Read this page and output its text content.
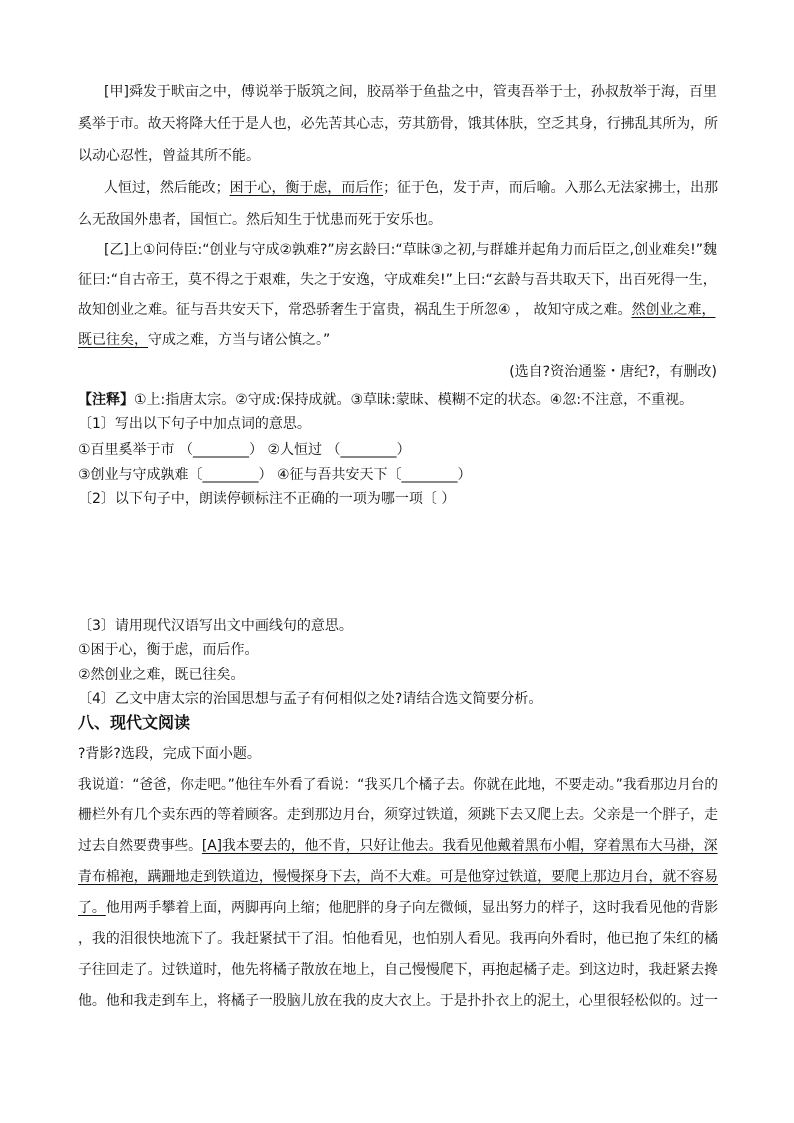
[甲]舜发于畎亩之中，傅说举于版筑之间，胶鬲举于鱼盐之中，管夷吾举于士，孙叔敖举于海，百里
奚举于市。故天将降大任于是人也，必先苦其心志，劳其筋骨，饿其体肤，空乏其身，行拂乱其所为，所
以动心忍性，曾益其所不能。
人恒过，然后能改；困于心，衡于虑，而后作；征于色，发于声，而后喻。入那么无法家拂士，出那
么无敌国外患者，国恒亡。然后知生于忧患而死于安乐也。
[乙]上①问侍臣:“创业与守成②孰难?”房玄龄曰:“草昧③之初,与群雄并起角力而后臣之,创业难矣!”魏
征曰:“自古帝王，莫不得之于艰难，失之于安逸，守成难矣!”上曰:“玄龄与吾共取天下，出百死得一生，
故知创业之难。征与吾共安天下，常恐骄奢生于富贵，祸乱生于所忽④ ， 故知守成之难。然创业之难，
既已往矣，守成之难，方当与诸公慎之。”
(选自?资治通鉴・唐纪?，有删改)
【注释】①上:指唐太宗。②守成:保持成就。③草昧:蒙昧、模糊不定的状态。④忽:不注意，不重视。
〔1〕写出以下句子中加点词的意思。
①百里奚举于市 （________） ②人恒过 （________）
③创业与守成孰难〔________） ④征与吾共安天下〔________）
〔2〕以下句子中，朗读停顿标注不正确的一项为哪一项〔 ）
〔3〕请用现代汉语写出文中画线句的意思。
①困于心，衡于虑，而后作。
②然创业之难，既已往矣。
〔4〕乙文中唐太宗的治国思想与孟子有何相似之处?请结合选文简要分析。
八、现代文阅读
?背影?选段，完成下面小题。
我说道：“爸爸，你走吧。”他往车外看了看说：“我买几个橘子去。你就在此地，不要走动。”我看那边月台的
栅栏外有几个卖东西的等着顾客。走到那边月台，须穿过铁道，须跳下去又爬上去。父亲是一个胖子，走
过去自然要费事些。[A]我本要去的，他不肯，只好让他去。我看见他戴着黑布小帽，穿着黑布大马褂，深
青布棉袍，蹒跚地走到铁道边，慢慢探身下去，尚不大难。可是他穿过铁道，要爬上那边月台，就不容易
了。他用两手攀着上面，两脚再向上缩；他肥胖的身子向左微倾，显出努力的样子，这时我看见他的背影
，我的泪很快地流下了。我赶紧拭干了泪。怕他看见，也怕别人看见。我再向外看时，他已抱了朱红的橘
子往回走了。过铁道时，他先将橘子散放在地上，自己慢慢爬下，再抱起橘子走。到这边时，我赶紧去搀
他。他和我走到车上，将橘子一股脑儿放在我的皮大衣上。于是扑扑衣上的泥土，心里很轻松似的。过一
